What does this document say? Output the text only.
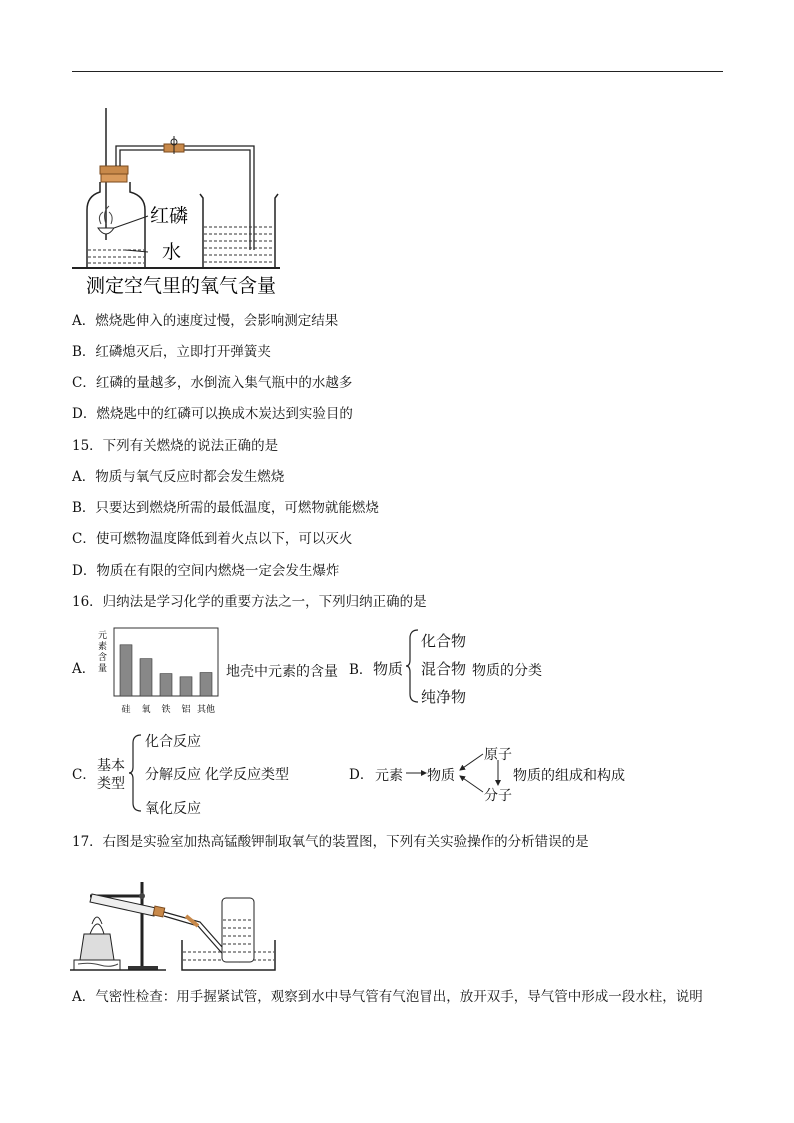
红磷
水
测定空气里的氧气含量
A．燃烧匙伸入的速度过慢，会影响测定结果
B．红磷熄灭后，立即打开弹簧夹
C．红磷的量越多，水倒流入集气瓶中的水越多
D．燃烧匙中的红磷可以换成木炭达到实验目的
15．下列有关燃烧的说法正确的是
A．物质与氧气反应时都会发生燃烧
B．只要达到燃烧所需的最低温度，可燃物就能燃烧
C．使可燃物温度降低到着火点以下，可以灭火
D．物质在有限的空间内燃烧一定会发生爆炸
16．归纳法是学习化学的重要方法之一，下列归纳正确的是
A．
元
素
含
量
硅 氧 铁 铝 其他
地壳中元素的含量 B． 物质
化合物
混合物
纯净物
物质的分类
C．
基本
类型
化合反应
分解反应
氧化反应
化学反应类型	D． 元素 物质
原子
分子
物质的组成和构成
17．右图是实验室加热高锰酸钾制取氧气的装置图，下列有关实验操作的分析错误的是
A．气密性检查：用手握紧试管，观察到水中导气管有气泡冒出，放开双手，导气管中形成一段水柱，说明
